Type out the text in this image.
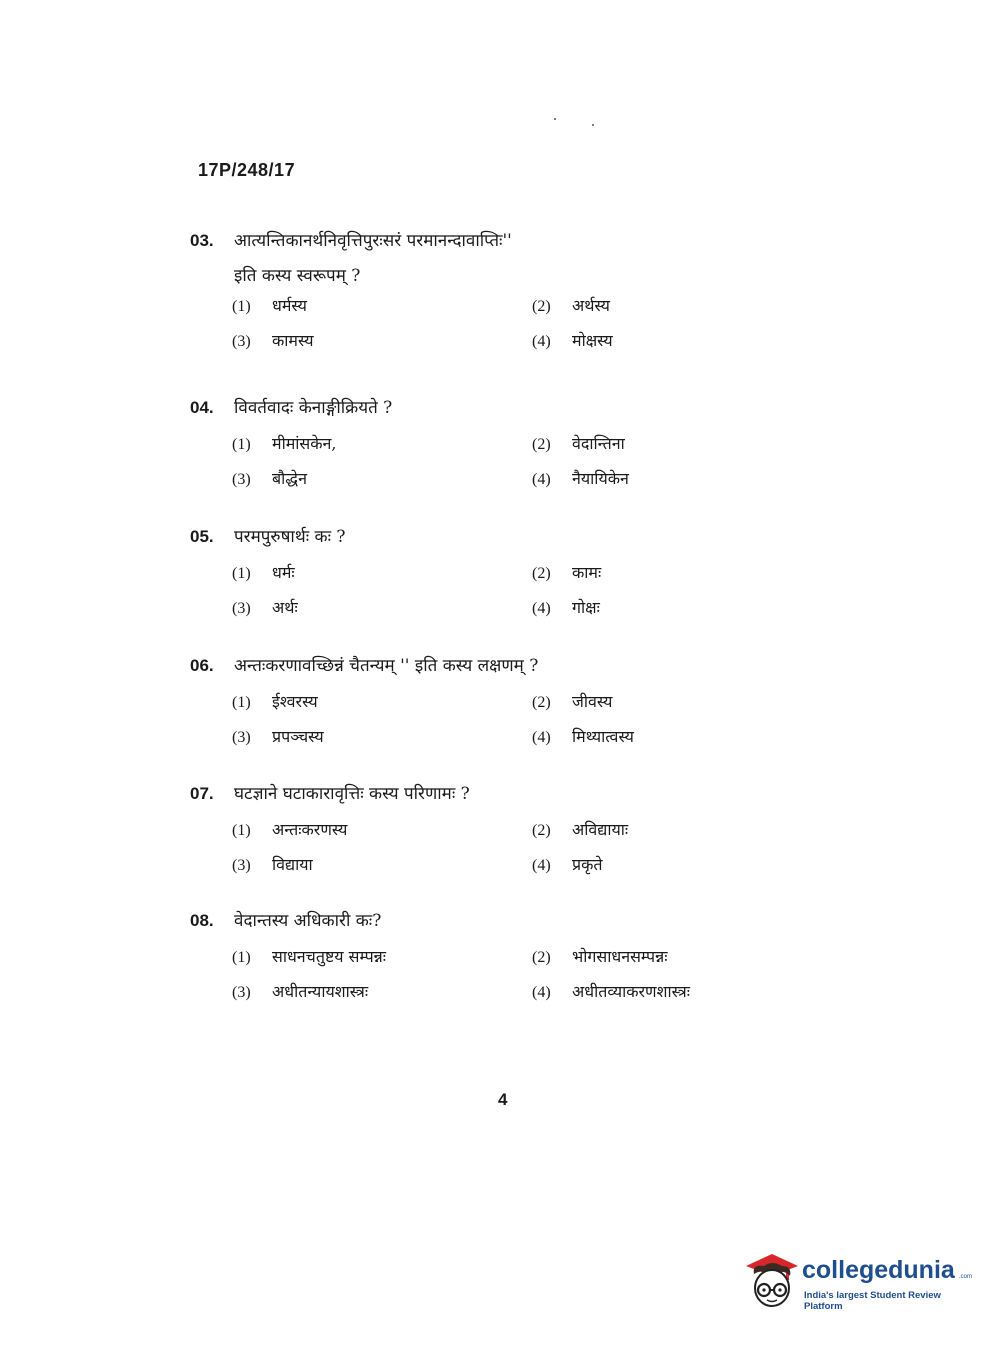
17P/248/17
03.	आत्यन्तिकानर्थनिवृत्तिपुरःसरं परमानन्दावाप्तिः''
इति कस्य स्वरूपम् ?
(1)	धर्मस्य	(2)	अर्थस्य
(3)	कामस्य	(4)	मोक्षस्य
04.	विवर्तवादः केनाङ्गीक्रियते ?
(1)	मीमांसकेन,	(2)	वेदान्तिना
(3)	बौद्धेन	(4)	नैयायिकेन
05.	परमपुरुषार्थः कः ?
(1)	धर्मः	(2)	कामः
(3)	अर्थः	(4)	गोक्षः
06.	अन्तःकरणावच्छिन्नं चैतन्यम् '' इति कस्य लक्षणम् ?
(1)	ईश्वरस्य	(2)	जीवस्य
(3)	प्रपञ्चस्य	(4)	मिथ्यात्वस्य
07.	घटज्ञाने घटाकारावृत्तिः कस्य परिणामः ?
(1)	अन्तःकरणस्य	(2)	अविद्यायाः
(3)	विद्याया	(4)	प्रकृते
08.	वेदान्तस्य अधिकारी कः?
(1)	साधनचतुष्टय सम्पन्नः	(2)	भोगसाधनसम्पन्नः
(3)	अधीतन्यायशास्त्रः	(4)	अधीतव्याकरणशास्त्रः
4
collegedunia .com
India's largest Student Review Platform
